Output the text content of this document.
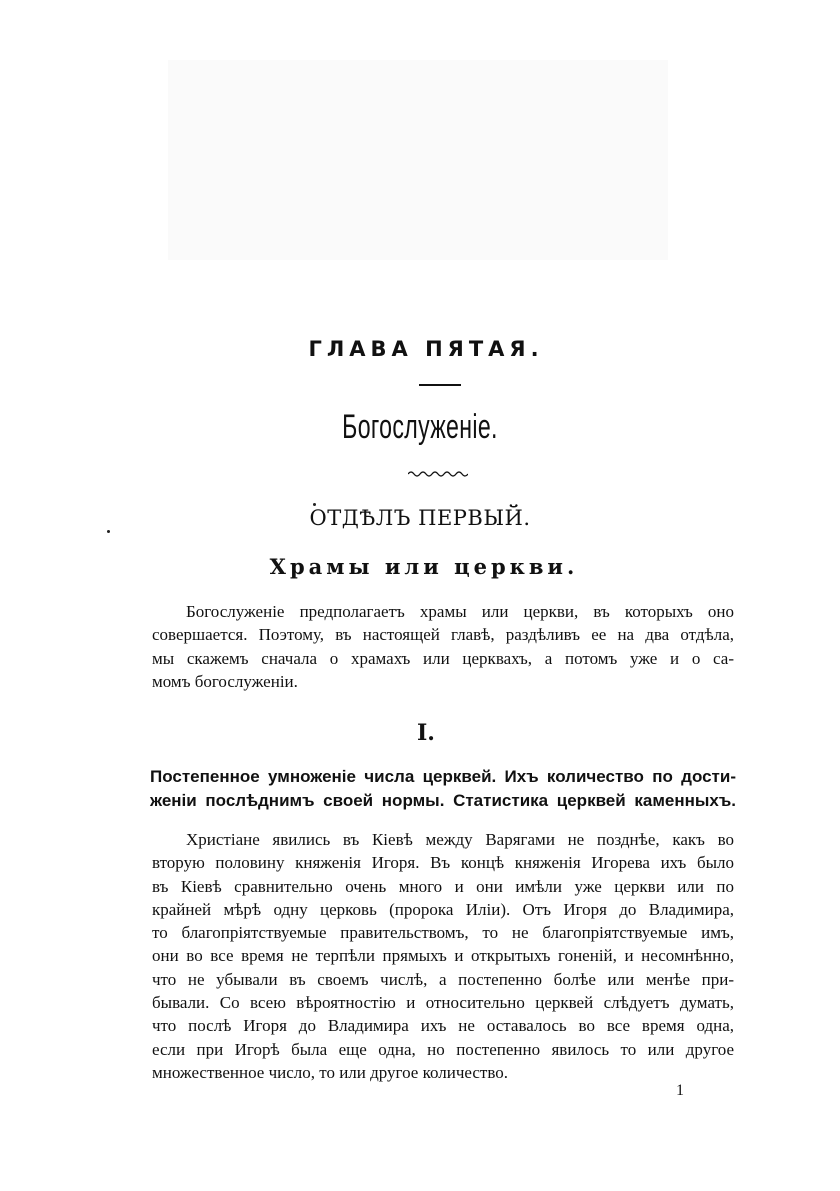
ГЛАВА ПЯТАЯ.
Богослуженіе.
ОТДѢЛЪ ПЕРВЫЙ.
Храмы или церкви.
Богослуженіе предполагаетъ храмы или церкви, въ которыхъ оно
совершается. Поэтому, въ настоящей главѣ, раздѣливъ ее на два отдѣла,
мы скажемъ сначала о храмахъ или церквахъ, а потомъ уже и о са-
момъ богослуженіи.
I.
Постепенное умноженіе числа церквей. Ихъ количество по дости-
женіи послѣднимъ своей нормы. Статистика церквей каменныхъ.
Христіане явились въ Кіевѣ между Варягами не позднѣе, какъ во
вторую половину княженія Игоря. Въ концѣ княженія Игорева ихъ было
въ Кіевѣ сравнительно очень много и они имѣли уже церкви или по
крайней мѣрѣ одну церковь (пророка Иліи). Отъ Игоря до Владимира,
то благопріятствуемые правительствомъ, то не благопріятствуемые имъ,
они во все время не терпѣли прямыхъ и открытыхъ гоненій, и несомнѣнно,
что не убывали въ своемъ числѣ, а постепенно болѣе или менѣе при-
бывали. Со всею вѣроятностію и относительно церквей слѣдуетъ думать,
что послѣ Игоря до Владимира ихъ не оставалось во все время одна,
если при Игорѣ была еще одна, но постепенно явилось то или другое
множественное число, то или другое количество.
1
